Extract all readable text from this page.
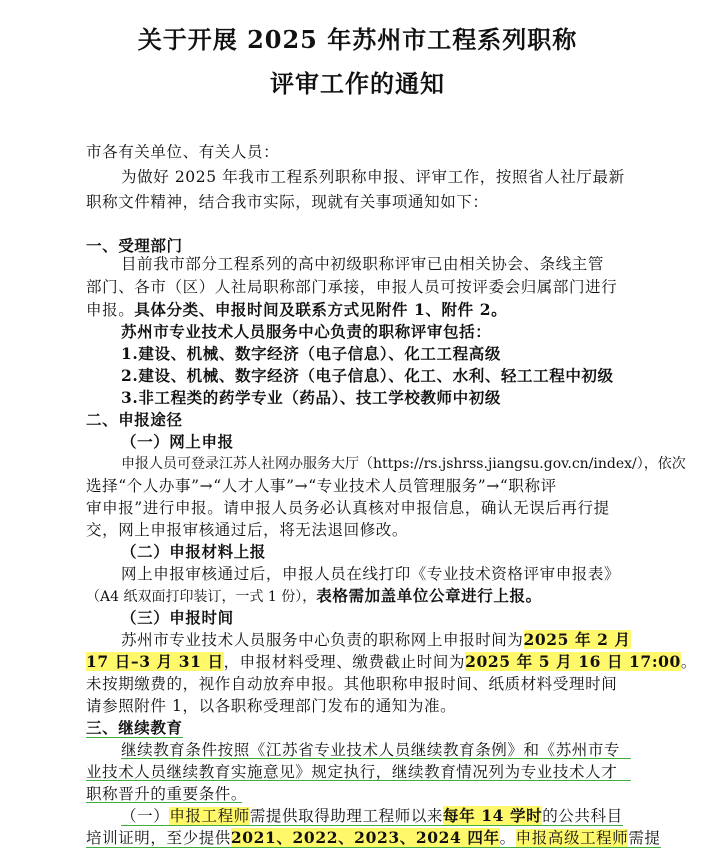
关于开展 2025 年苏州市工程系列职称
评审工作的通知
市各有关单位、有关人员：
为做好 2025 年我市工程系列职称申报、评审工作，按照省人社厅最新
职称文件精神，结合我市实际，现就有关事项通知如下：
一、受理部门
目前我市部分工程系列的高中初级职称评审已由相关协会、条线主管
部门、各市（区）人社局职称部门承接，申报人员可按评委会归属部门进行
申报。具体分类、申报时间及联系方式见附件 1、附件 2。
苏州市专业技术人员服务中心负责的职称评审包括：
1.建设、机械、数字经济（电子信息）、化工工程高级
2.建设、机械、数字经济（电子信息）、化工、水利、轻工工程中初级
3.非工程类的药学专业（药品）、技工学校教师中初级
二、申报途径
（一）网上申报
申报人员可登录江苏人社网办服务大厅（https://rs.jshrss.jiangsu.gov.cn/index/），依次
选择“个人办事”→“人才人事”→“专业技术人员管理服务”→“职称评
审申报”进行申报。请申报人员务必认真核对申报信息，确认无误后再行提
交，网上申报审核通过后，将无法退回修改。
（二）申报材料上报
网上申报审核通过后，申报人员在线打印《专业技术资格评审申报表》
（A4 纸双面打印装订，一式 1 份），表格需加盖单位公章进行上报。
（三）申报时间
苏州市专业技术人员服务中心负责的职称网上申报时间为2025 年 2 月
17 日–3 月 31 日，申报材料受理、缴费截止时间为2025 年 5 月 16 日 17:00。
未按期缴费的，视作自动放弃申报。其他职称申报时间、纸质材料受理时间
请参照附件 1，以各职称受理部门发布的通知为准。
三、继续教育
继续教育条件按照《江苏省专业技术人员继续教育条例》和《苏州市专
业技术人员继续教育实施意见》规定执行，继续教育情况列为专业技术人才
职称晋升的重要条件。
（一）申报工程师需提供取得助理工程师以来每年 14 学时的公共科目
培训证明，至少提供2021、2022、2023、2024 四年。申报高级工程师需提
